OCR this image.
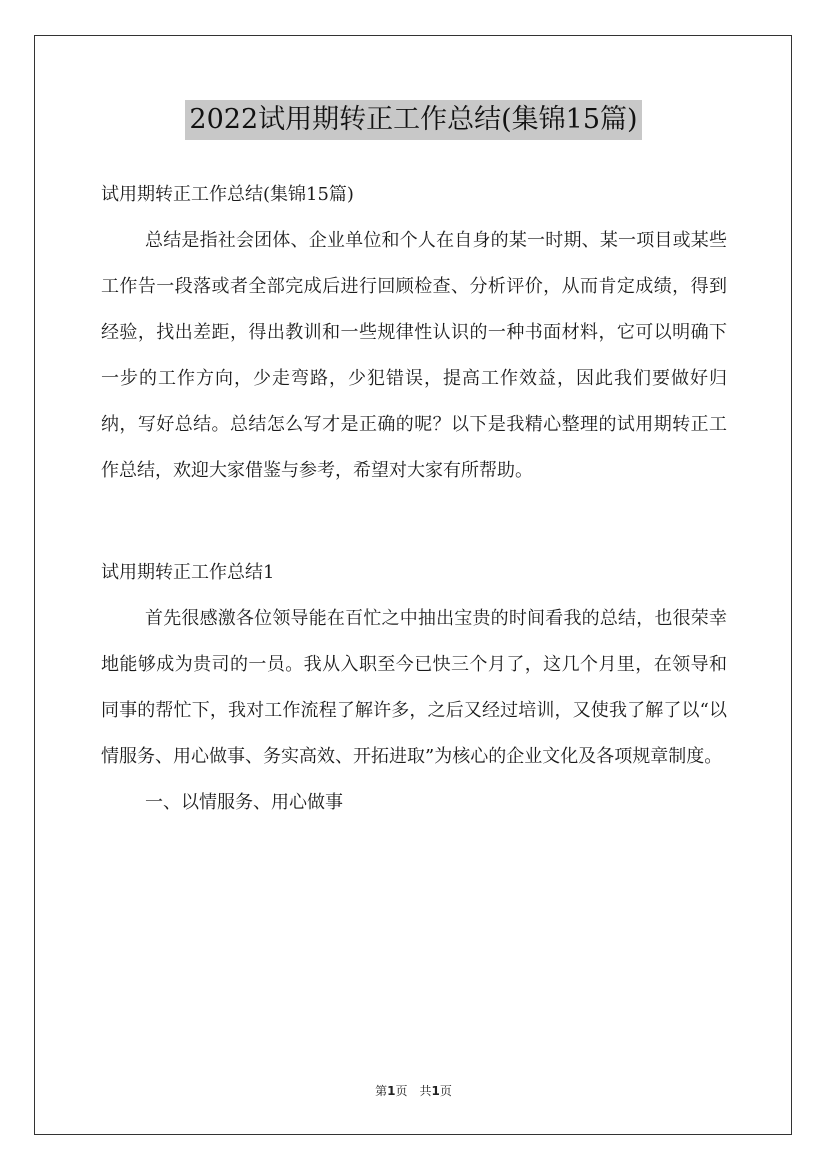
2022试用期转正工作总结(集锦15篇)

试用期转正工作总结(集锦15篇)

总结是指社会团体、企业单位和个人在自身的某一时期、某一项目或某些工作告一段落或者全部完成后进行回顾检查、分析评价，从而肯定成绩，得到经验，找出差距，得出教训和一些规律性认识的一种书面材料，它可以明确下一步的工作方向，少走弯路，少犯错误，提高工作效益，因此我们要做好归纳，写好总结。总结怎么写才是正确的呢？以下是我精心整理的试用期转正工作总结，欢迎大家借鉴与参考，希望对大家有所帮助。

试用期转正工作总结1

首先很感激各位领导能在百忙之中抽出宝贵的时间看我的总结，也很荣幸地能够成为贵司的一员。我从入职至今已快三个月了，这几个月里，在领导和同事的帮忙下，我对工作流程了解许多，之后又经过培训，又使我了解了以“以情服务、用心做事、务实高效、开拓进取”为核心的企业文化及各项规章制度。

一、以情服务、用心做事

第1页 共1页
